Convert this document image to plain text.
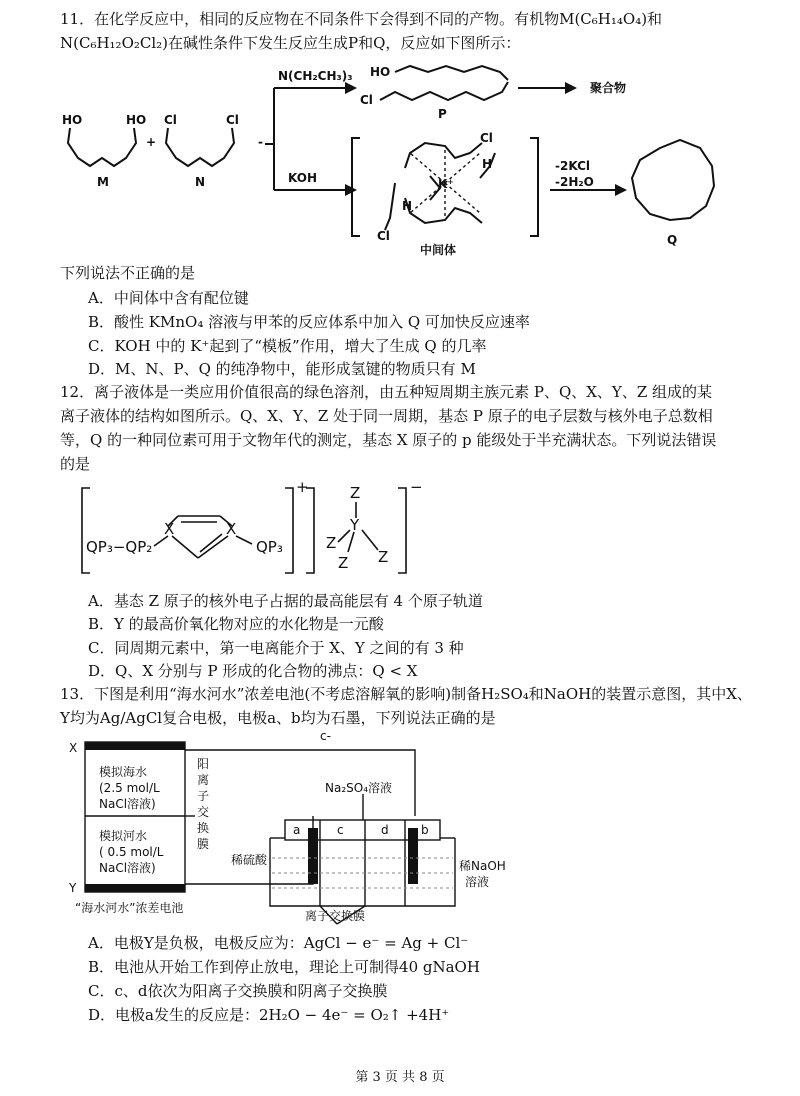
11．在化学反应中，相同的反应物在不同条件下会得到不同的产物。有机物M(C₆H₁₄O₄)和
N(C₆H₁₂O₂Cl₂)在碱性条件下发生反应生成P和Q，反应如下图所示：
HO	HO
M
+
Cl	Cl
N
-
N(CH₂CH₃)₃
KOH
HO
Cl
P
聚合物
Cl
Cl
H
H
K⁺
中间体
-2KCl
-2H₂O
Q
下列说法不正确的是
A．中间体中含有配位键
B．酸性 KMnO₄ 溶液与甲苯的反应体系中加入 Q 可加快反应速率
C．KOH 中的 K⁺起到了“模板”作用，增大了生成 Q 的几率
D．M、N、P、Q 的纯净物中，能形成氢键的物质只有 M
12．离子液体是一类应用价值很高的绿色溶剂，由五种短周期主族元素 P、Q、X、Y、Z 组成的某
离子液体的结构如图所示。Q、X、Y、Z 处于同一周期，基态 P 原子的电子层数与核外电子总数相
等，Q 的一种同位素可用于文物年代的测定，基态 X 原子的 p 能级处于半充满状态。下列说法错误
的是
+	−
QP₃−QP₂	QP₃
X	X
Z
Y
Z
Z Z
A．基态 Z 原子的核外电子占据的最高能层有 4 个原子轨道
B．Y 的最高价氧化物对应的水化物是一元酸
C．同周期元素中，第一电离能介于 X、Y 之间的有 3 种
D．Q、X 分别与 P 形成的化合物的沸点：Q < X
13．下图是利用“海水河水”浓差电池(不考虑溶解氧的影响)制备H₂SO₄和NaOH的装置示意图，其中X、
Y均为Ag/AgCl复合电极，电极a、b均为石墨，下列说法正确的是
c-
X
Y
模拟海水
(2.5 mol/L
NaCl溶液)
模拟河水
( 0.5 mol/L
NaCl溶液)
阳
离
子
交
换
膜
“海水河水”浓差电池
Na₂SO₄溶液
稀硫酸	稀NaOH
溶液
离子交换膜
a	c	d	b
A．电极Y是负极，电极反应为：AgCl − e⁻ = Ag + Cl⁻
B．电池从开始工作到停止放电，理论上可制得40 gNaOH
C．c、d依次为阳离子交换膜和阴离子交换膜
D．电极a发生的反应是：2H₂O − 4e⁻ = O₂↑ +4H⁺
第 3 页 共 8 页
